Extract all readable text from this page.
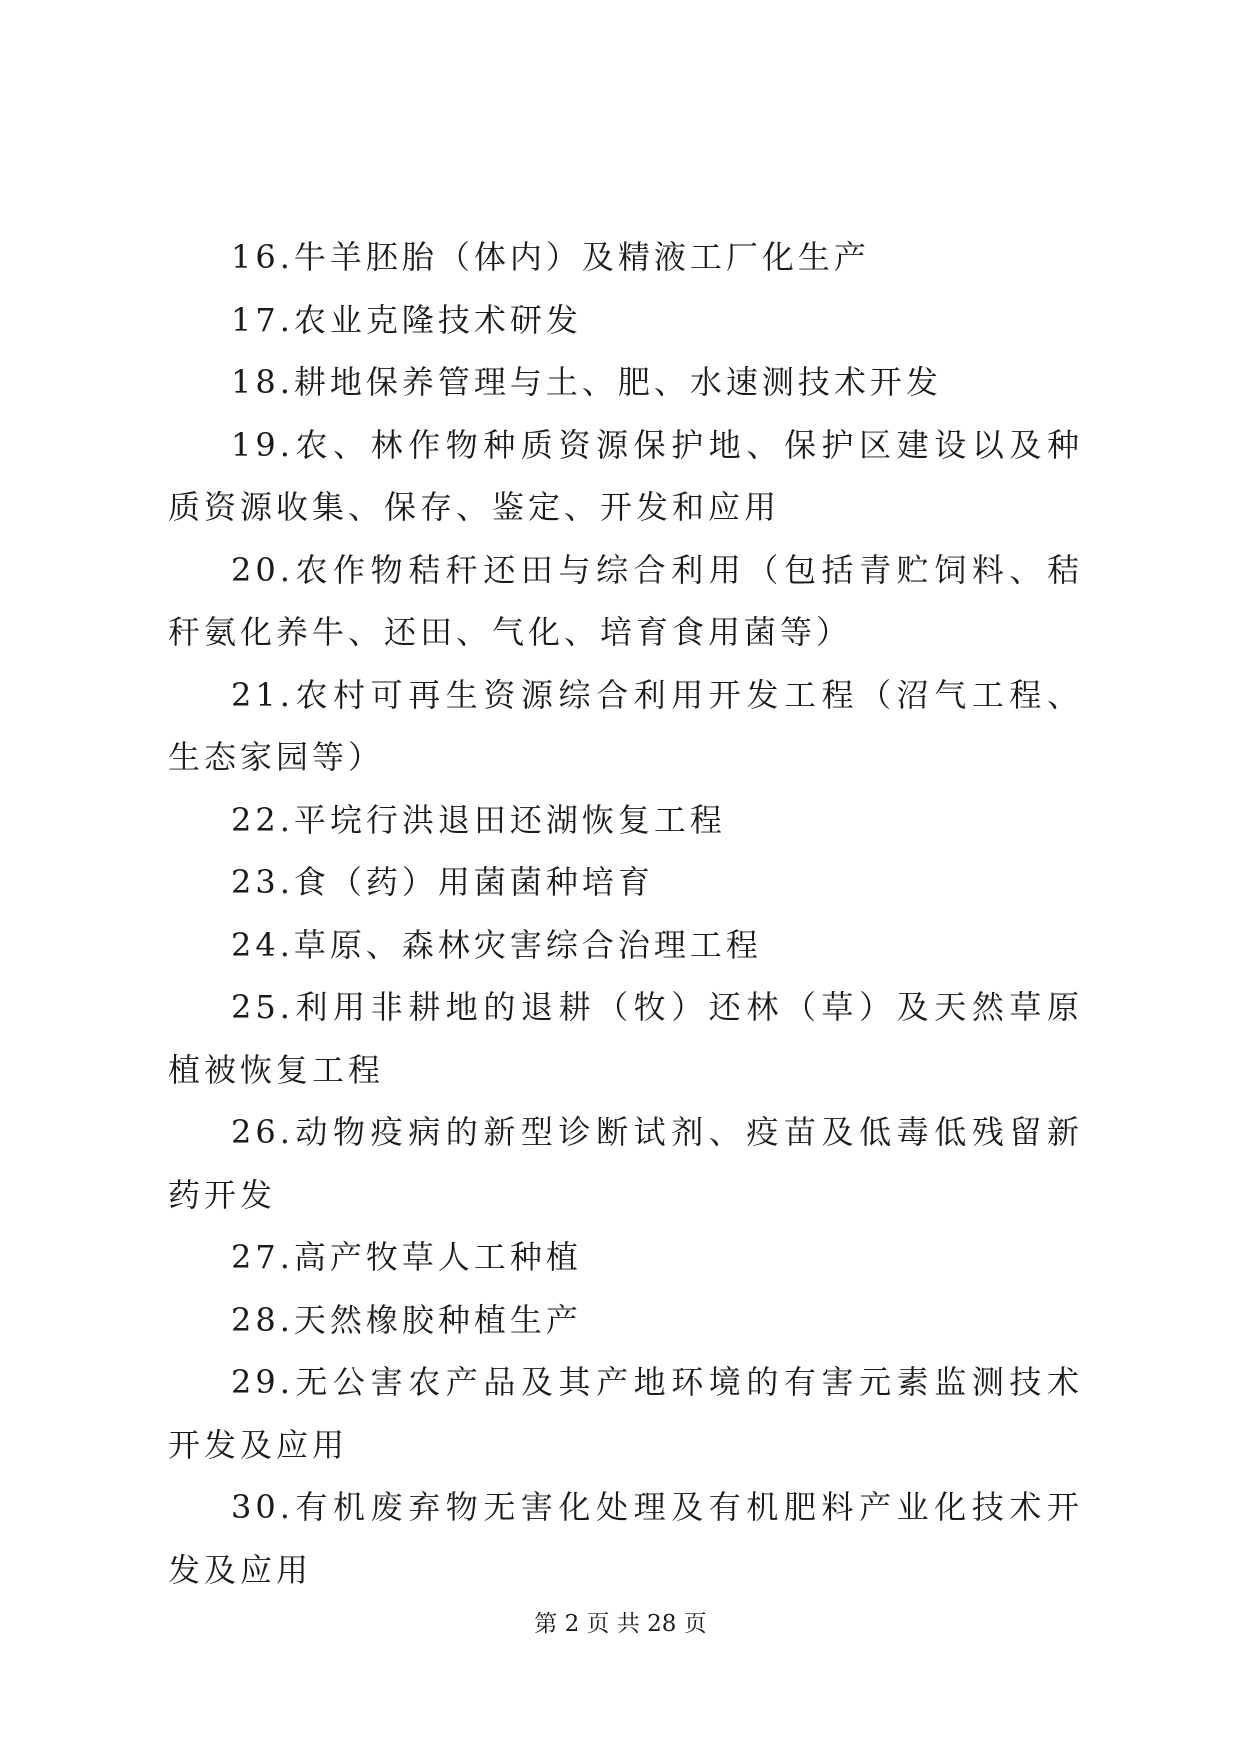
16.牛羊胚胎（体内）及精液工厂化生产

17.农业克隆技术研发

18.耕地保养管理与土、肥、水速测技术开发

19.农、林作物种质资源保护地、保护区建设以及种质资源收集、保存、鉴定、开发和应用

20.农作物秸秆还田与综合利用（包括青贮饲料、秸秆氨化养牛、还田、气化、培育食用菌等）

21.农村可再生资源综合利用开发工程（沼气工程、生态家园等）

22.平垸行洪退田还湖恢复工程

23.食（药）用菌菌种培育

24.草原、森林灾害综合治理工程

25.利用非耕地的退耕（牧）还林（草）及天然草原植被恢复工程

26.动物疫病的新型诊断试剂、疫苗及低毒低残留新药开发

27.高产牧草人工种植

28.天然橡胶种植生产

29.无公害农产品及其产地环境的有害元素监测技术开发及应用

30.有机废弃物无害化处理及有机肥料产业化技术开发及应用

第 2 页 共 28 页
